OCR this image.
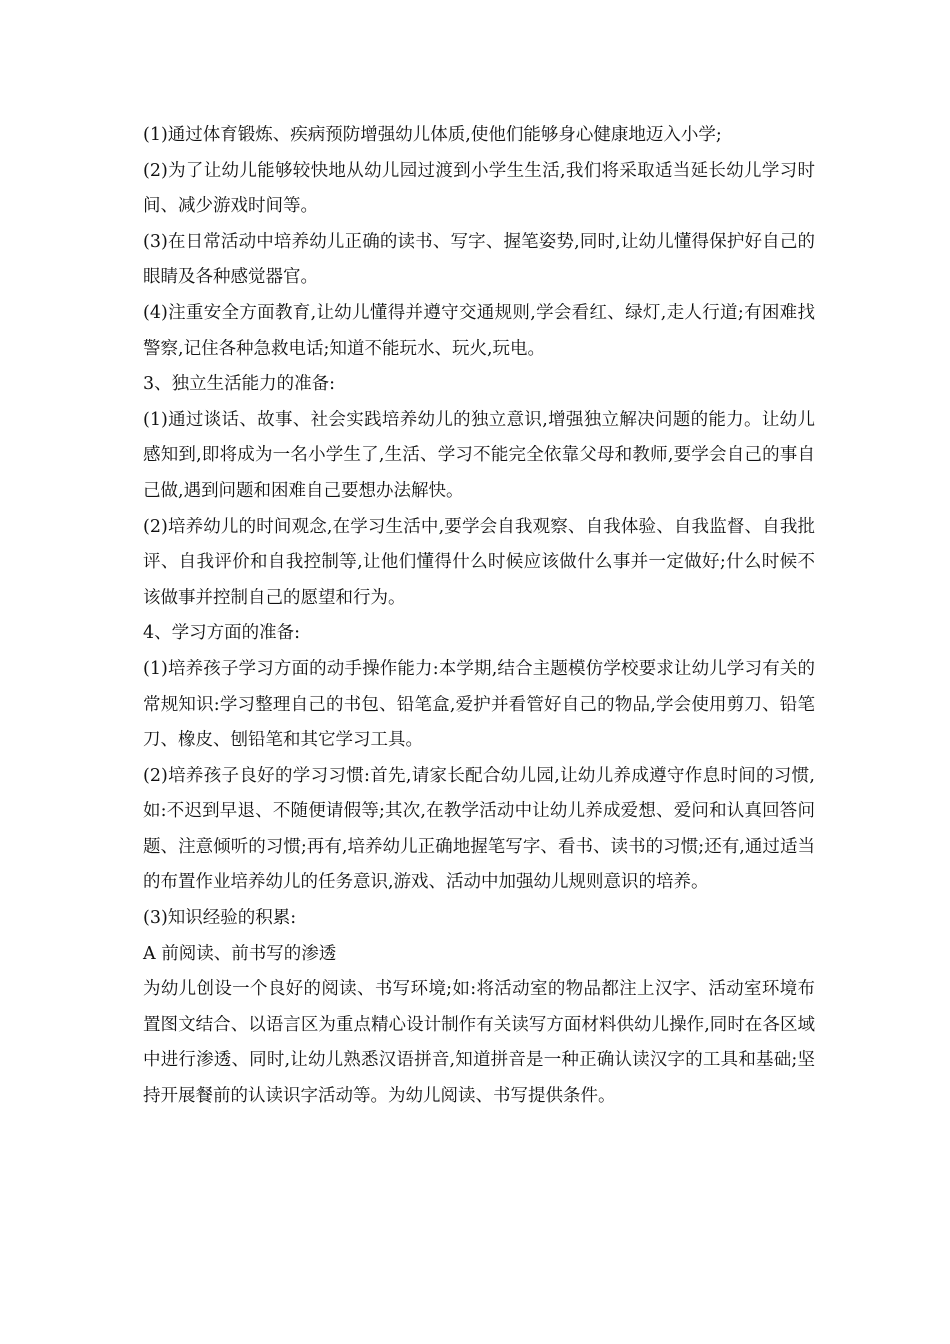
(1)通过体育锻炼、疾病预防增强幼儿体质,使他们能够身心健康地迈入小学;

(2)为了让幼儿能够较快地从幼儿园过渡到小学生生活,我们将采取适当延长幼儿学习时间、减少游戏时间等。

(3)在日常活动中培养幼儿正确的读书、写字、握笔姿势,同时,让幼儿懂得保护好自己的眼睛及各种感觉器官。

(4)注重安全方面教育,让幼儿懂得并遵守交通规则,学会看红、绿灯,走人行道;有困难找警察,记住各种急救电话;知道不能玩水、玩火,玩电。

3、独立生活能力的准备:

(1)通过谈话、故事、社会实践培养幼儿的独立意识,增强独立解决问题的能力。让幼儿感知到,即将成为一名小学生了,生活、学习不能完全依靠父母和教师,要学会自己的事自己做,遇到问题和困难自己要想办法解快。

(2)培养幼儿的时间观念,在学习生活中,要学会自我观察、自我体验、自我监督、自我批评、自我评价和自我控制等,让他们懂得什么时候应该做什么事并一定做好;什么时候不该做事并控制自己的愿望和行为。

4、学习方面的准备:

(1)培养孩子学习方面的动手操作能力:本学期,结合主题模仿学校要求让幼儿学习有关的常规知识:学习整理自己的书包、铅笔盒,爱护并看管好自己的物品,学会使用剪刀、铅笔刀、橡皮、刨铅笔和其它学习工具。

(2)培养孩子良好的学习习惯:首先,请家长配合幼儿园,让幼儿养成遵守作息时间的习惯,如:不迟到早退、不随便请假等;其次,在教学活动中让幼儿养成爱想、爱问和认真回答问题、注意倾听的习惯;再有,培养幼儿正确地握笔写字、看书、读书的习惯;还有,通过适当的布置作业培养幼儿的任务意识,游戏、活动中加强幼儿规则意识的培养。

(3)知识经验的积累:

A 前阅读、前书写的渗透

为幼儿创设一个良好的阅读、书写环境;如:将活动室的物品都注上汉字、活动室环境布置图文结合、以语言区为重点精心设计制作有关读写方面材料供幼儿操作,同时在各区域中进行渗透、同时,让幼儿熟悉汉语拼音,知道拼音是一种正确认读汉字的工具和基础;坚持开展餐前的认读识字活动等。为幼儿阅读、书写提供条件。
